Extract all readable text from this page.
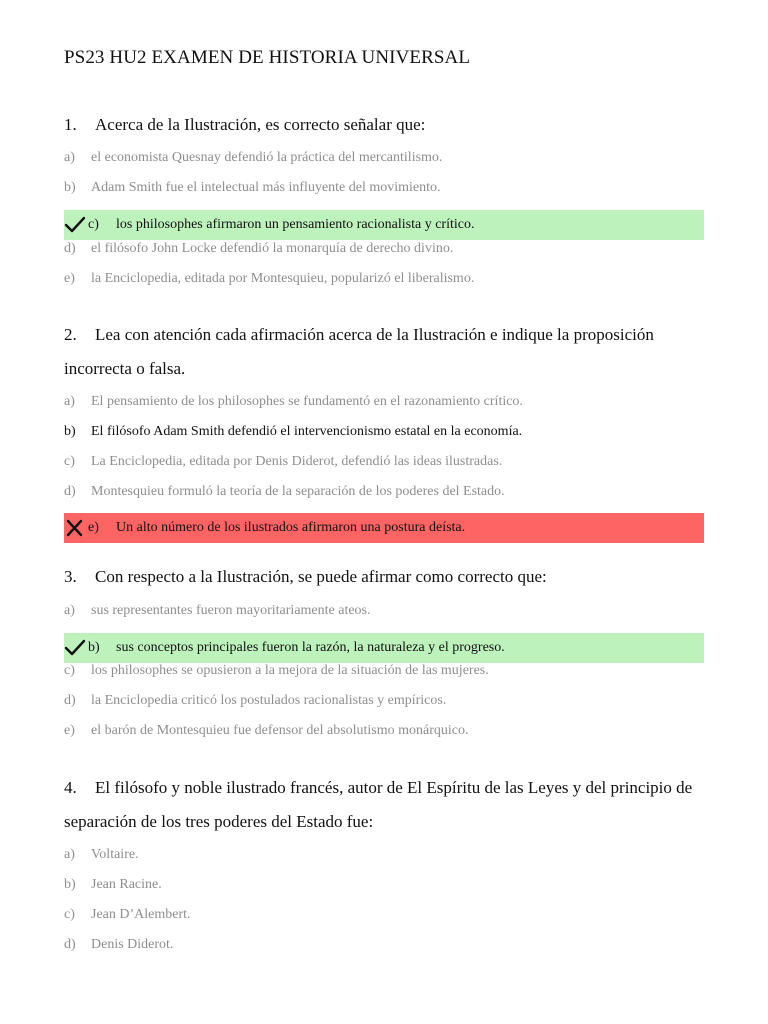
PS23 HU2 EXAMEN DE HISTORIA UNIVERSAL
1. Acerca de la Ilustración, es correcto señalar que:
a) el economista Quesnay defendió la práctica del mercantilismo.
b) Adam Smith fue el intelectual más influyente del movimiento.
c) los philosophes afirmaron un pensamiento racionalista y crítico.
d) el filósofo John Locke defendió la monarquía de derecho divino.
e) la Enciclopedia, editada por Montesquieu, popularizó el liberalismo.
2. Lea con atención cada afirmación acerca de la Ilustración e indique la proposición incorrecta o falsa.
a) El pensamiento de los philosophes se fundamentó en el razonamiento crítico.
b) El filósofo Adam Smith defendió el intervencionismo estatal en la economía.
c) La Enciclopedia, editada por Denis Diderot, defendió las ideas ilustradas.
d) Montesquieu formuló la teoría de la separación de los poderes del Estado.
e) Un alto número de los ilustrados afirmaron una postura deísta.
3. Con respecto a la Ilustración, se puede afirmar como correcto que:
a) sus representantes fueron mayoritariamente ateos.
b) sus conceptos principales fueron la razón, la naturaleza y el progreso.
c) los philosophes se opusieron a la mejora de la situación de las mujeres.
d) la Enciclopedia criticó los postulados racionalistas y empíricos.
e) el barón de Montesquieu fue defensor del absolutismo monárquico.
4. El filósofo y noble ilustrado francés, autor de El Espíritu de las Leyes y del principio de separación de los tres poderes del Estado fue:
a) Voltaire.
b) Jean Racine.
c) Jean D’Alembert.
d) Denis Diderot.
